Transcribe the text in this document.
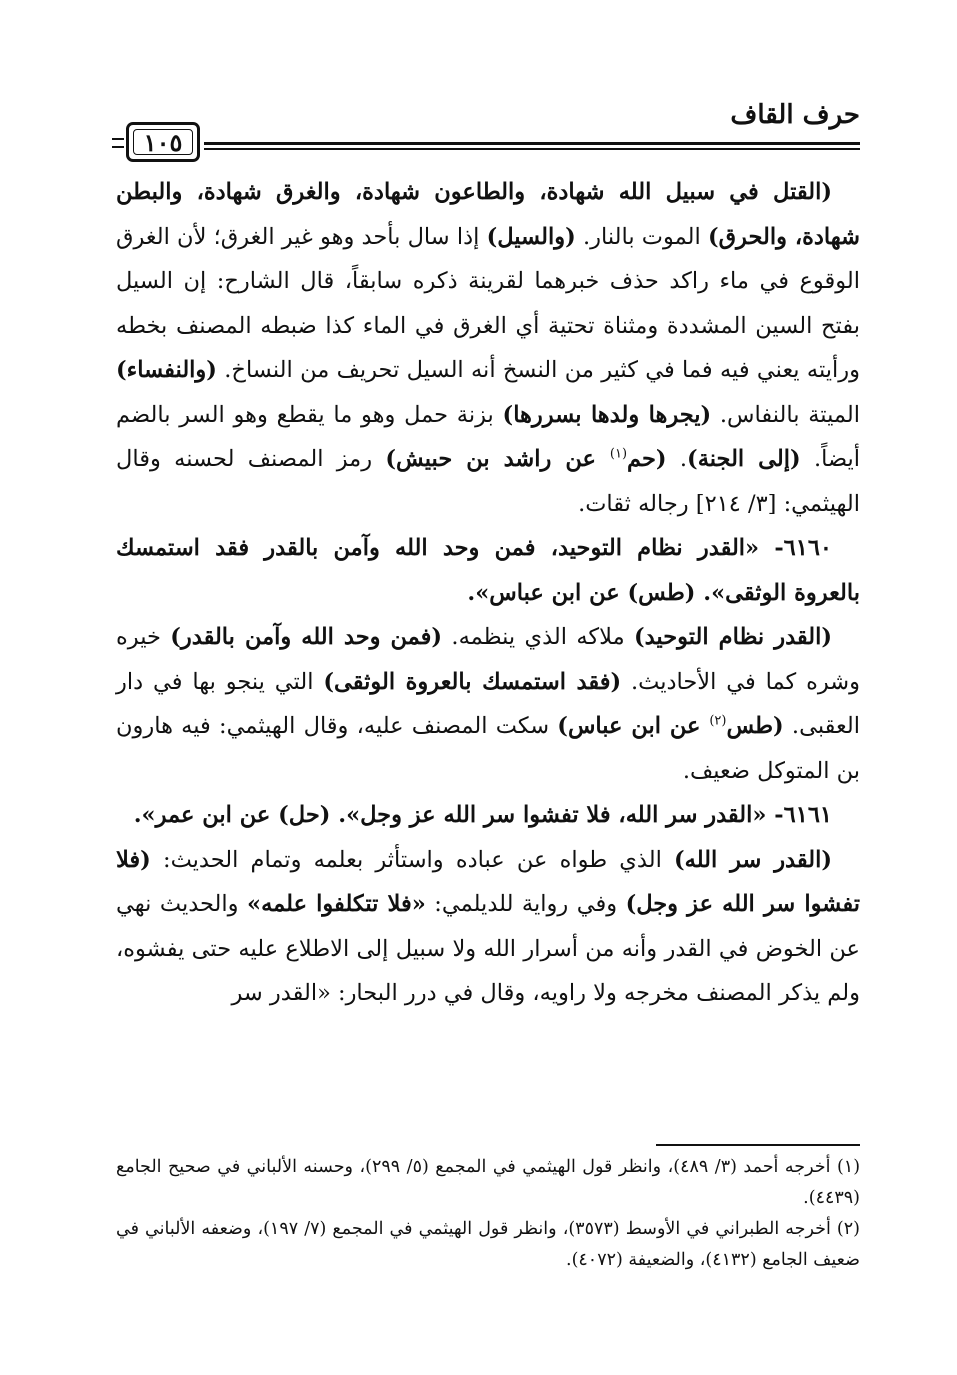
حرف القاف
١٠٥

(القتل في سبيل الله شهادة، والطاعون شهادة، والغرق شهادة، والبطن شهادة، والحرق) الموت بالنار. (والسيل) إذا سال بأحد وهو غير الغرق؛ لأن الغرق الوقوع في ماء راكد حذف خبرهما لقرينة ذكره سابقاً، قال الشارح: إن السيل بفتح السين المشددة ومثناة تحتية أي الغرق في الماء كذا ضبطه المصنف بخطه ورأيته يعني فيه فما في كثير من النسخ أنه السيل تحريف من النساخ. (والنفساء) الميتة بالنفاس. (يجرها ولدها بسررها) بزنة حمل وهو ما يقطع وهو السر بالضم أيضاً. (إلى الجنة). (حم$^{(١)}$ عن راشد بن حبيش) رمز المصنف لحسنه وقال الهيثمي: [٣/ ٢١٤] رجاله ثقات.

٦١٦٠- «القدر نظام التوحيد، فمن وحد الله وآمن بالقدر فقد استمسك بالعروة الوثقى». (طس) عن ابن عباس».

(القدر نظام التوحيد) ملاكه الذي ينظمه. (فمن وحد الله وآمن بالقدر) خيره وشره كما في الأحاديث. (فقد استمسك بالعروة الوثقى) التي ينجو بها في دار العقبى. (طس$^{(٢)}$ عن ابن عباس) سكت المصنف عليه، وقال الهيثمي: فيه هارون بن المتوكل ضعيف.

٦١٦١- «القدر سر الله، فلا تفشوا سر الله عز وجل». (حل) عن ابن عمر».

(القدر سر الله) الذي طواه عن عباده واستأثر بعلمه وتمام الحديث: (فلا تفشوا سر الله عز وجل) وفي رواية للديلمي: «فلا تتكلفوا علمه» والحديث نهي عن الخوض في القدر وأنه من أسرار الله ولا سبيل إلى الاطلاع عليه حتى يفشوه، ولم يذكر المصنف مخرجه ولا راويه، وقال في درر البحار: «القدر سر

(١) أخرجه أحمد (٣/ ٤٨٩)، وانظر قول الهيثمي في المجمع (٥/ ٢٩٩)، وحسنه الألباني في صحيح الجامع (٤٤٣٩).

(٢) أخرجه الطبراني في الأوسط (٣٥٧٣)، وانظر قول الهيثمي في المجمع (٧/ ١٩٧)، وضعفه الألباني في ضعيف الجامع (٤١٣٢)، والضعيفة (٤٠٧٢).
